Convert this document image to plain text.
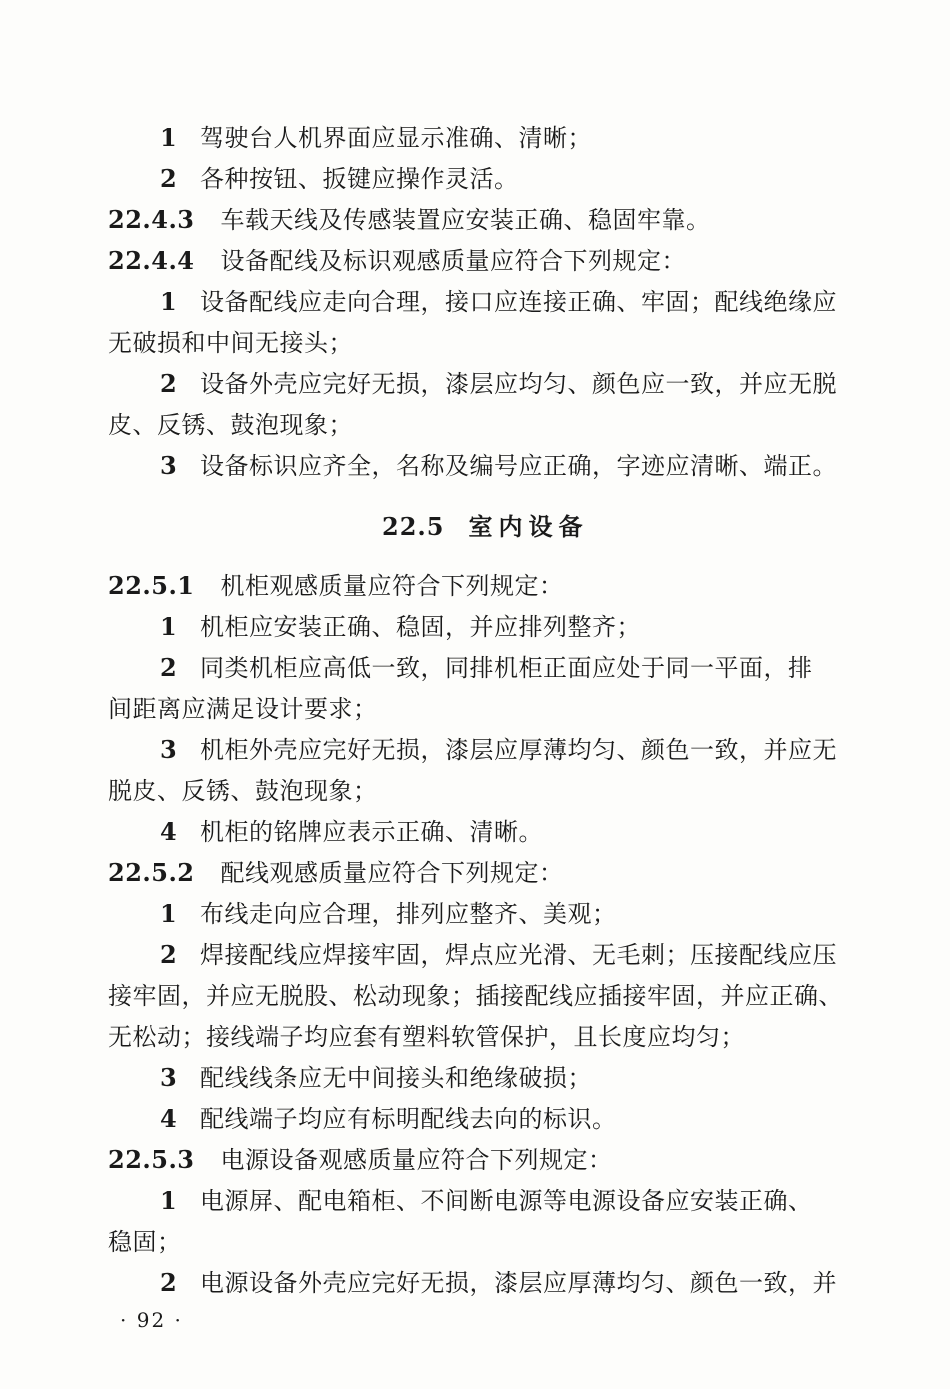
1 驾驶台人机界面应显示准确、清晰；
2 各种按钮、扳键应操作灵活。
22.4.3 车载天线及传感装置应安装正确、稳固牢靠。
22.4.4 设备配线及标识观感质量应符合下列规定：
1 设备配线应走向合理，接口应连接正确、牢固；配线绝缘应
无破损和中间无接头；
2 设备外壳应完好无损，漆层应均匀、颜色应一致，并应无脱
皮、反锈、鼓泡现象；
3 设备标识应齐全，名称及编号应正确，字迹应清晰、端正。
22.5 室内设备
22.5.1 机柜观感质量应符合下列规定：
1 机柜应安装正确、稳固，并应排列整齐；
2 同类机柜应高低一致，同排机柜正面应处于同一平面，排
间距离应满足设计要求；
3 机柜外壳应完好无损，漆层应厚薄均匀、颜色一致，并应无
脱皮、反锈、鼓泡现象；
4 机柜的铭牌应表示正确、清晰。
22.5.2 配线观感质量应符合下列规定：
1 布线走向应合理，排列应整齐、美观；
2 焊接配线应焊接牢固，焊点应光滑、无毛刺；压接配线应压
接牢固，并应无脱股、松动现象；插接配线应插接牢固，并应正确、
无松动；接线端子均应套有塑料软管保护，且长度应均匀；
3 配线线条应无中间接头和绝缘破损；
4 配线端子均应有标明配线去向的标识。
22.5.3 电源设备观感质量应符合下列规定：
1 电源屏、配电箱柜、不间断电源等电源设备应安装正确、
稳固；
2 电源设备外壳应完好无损，漆层应厚薄均匀、颜色一致，并
· 92 ·
